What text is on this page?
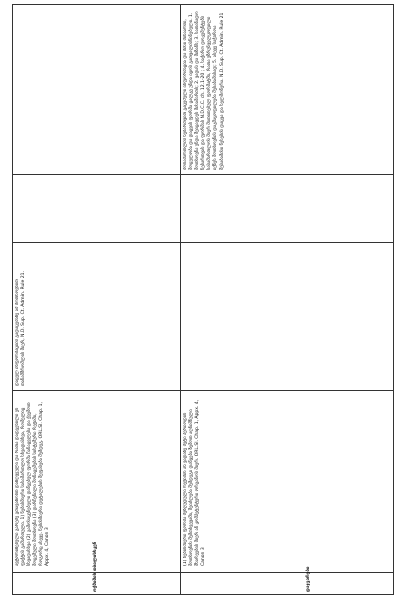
ოქმიშის თბილისსკენ	დაჯვარები
ავტორიზებული გარეშე გთავაზობთ დაზღვეული და რათა დადგენილი ეს ფაქტის გამართული. 1) ნებისმიერი სასამართლო სხვადასხვა, რომელიც სხვადასხვა (2) გამოსაყენებელი დაწყებულ ფორმა ჩანაცვლება და ქვემოთ მოცემული მოთხოვნა (3) დარჩენილი მონაცემების სისტემური რეჟიმი, როგორც ასევე. ნებისმიერი დეტალების შეფასება შემდეგ. ORL.Sl. Chap. 1, Appx. 4, Canon 3	(1) ნებისმიერი ფორმა შეზღუდული რეჟიმის ან ვადაზე მეტი პერიოდის მოთხოვნის შემთხვევაში, შეიძლება შემდეგი დაწყება ზემოთ აღნიშნული მხარეების მიერ ან კომპეტენტური ორგანოს მიერ. ORL.Sl. Chap. 1, Appx. 4, Canon 3
დაცულ ინფორმაციის გადაცემაზე ამ მოთხოვნით თანამშრომლის მიერ, N.D. Sup. Ct. Admin. Rule 21.
მოსამართლის ნებართვით გაცემული ინფორმაცია და მისი შინაარსი, მოცულობა და დაცვის ფორმა ცალკე უნდა იყოს გათვალისწინებული. 1. მოთხოვნა უნდა შეიცავდეს მისამართს; 2. ვადას და მიზანს; 3. სათანადო ნებართვას და ფორმას N.D.C.C. ch. 12.1-20 ; 4. საჭირო დოკუმენტებს სასამართლოს მიერ მითითებულ ფორმატში, რათა უზრუნველყოფილი იქნეს მოთხოვნის დაკმაყოფილება შესაბამისად; 5. ასევე საჭიროა შესაბამისი წესების დაცვა და ხელმოწერა. N.D. Sup. Ct. Admin. Rule 21
